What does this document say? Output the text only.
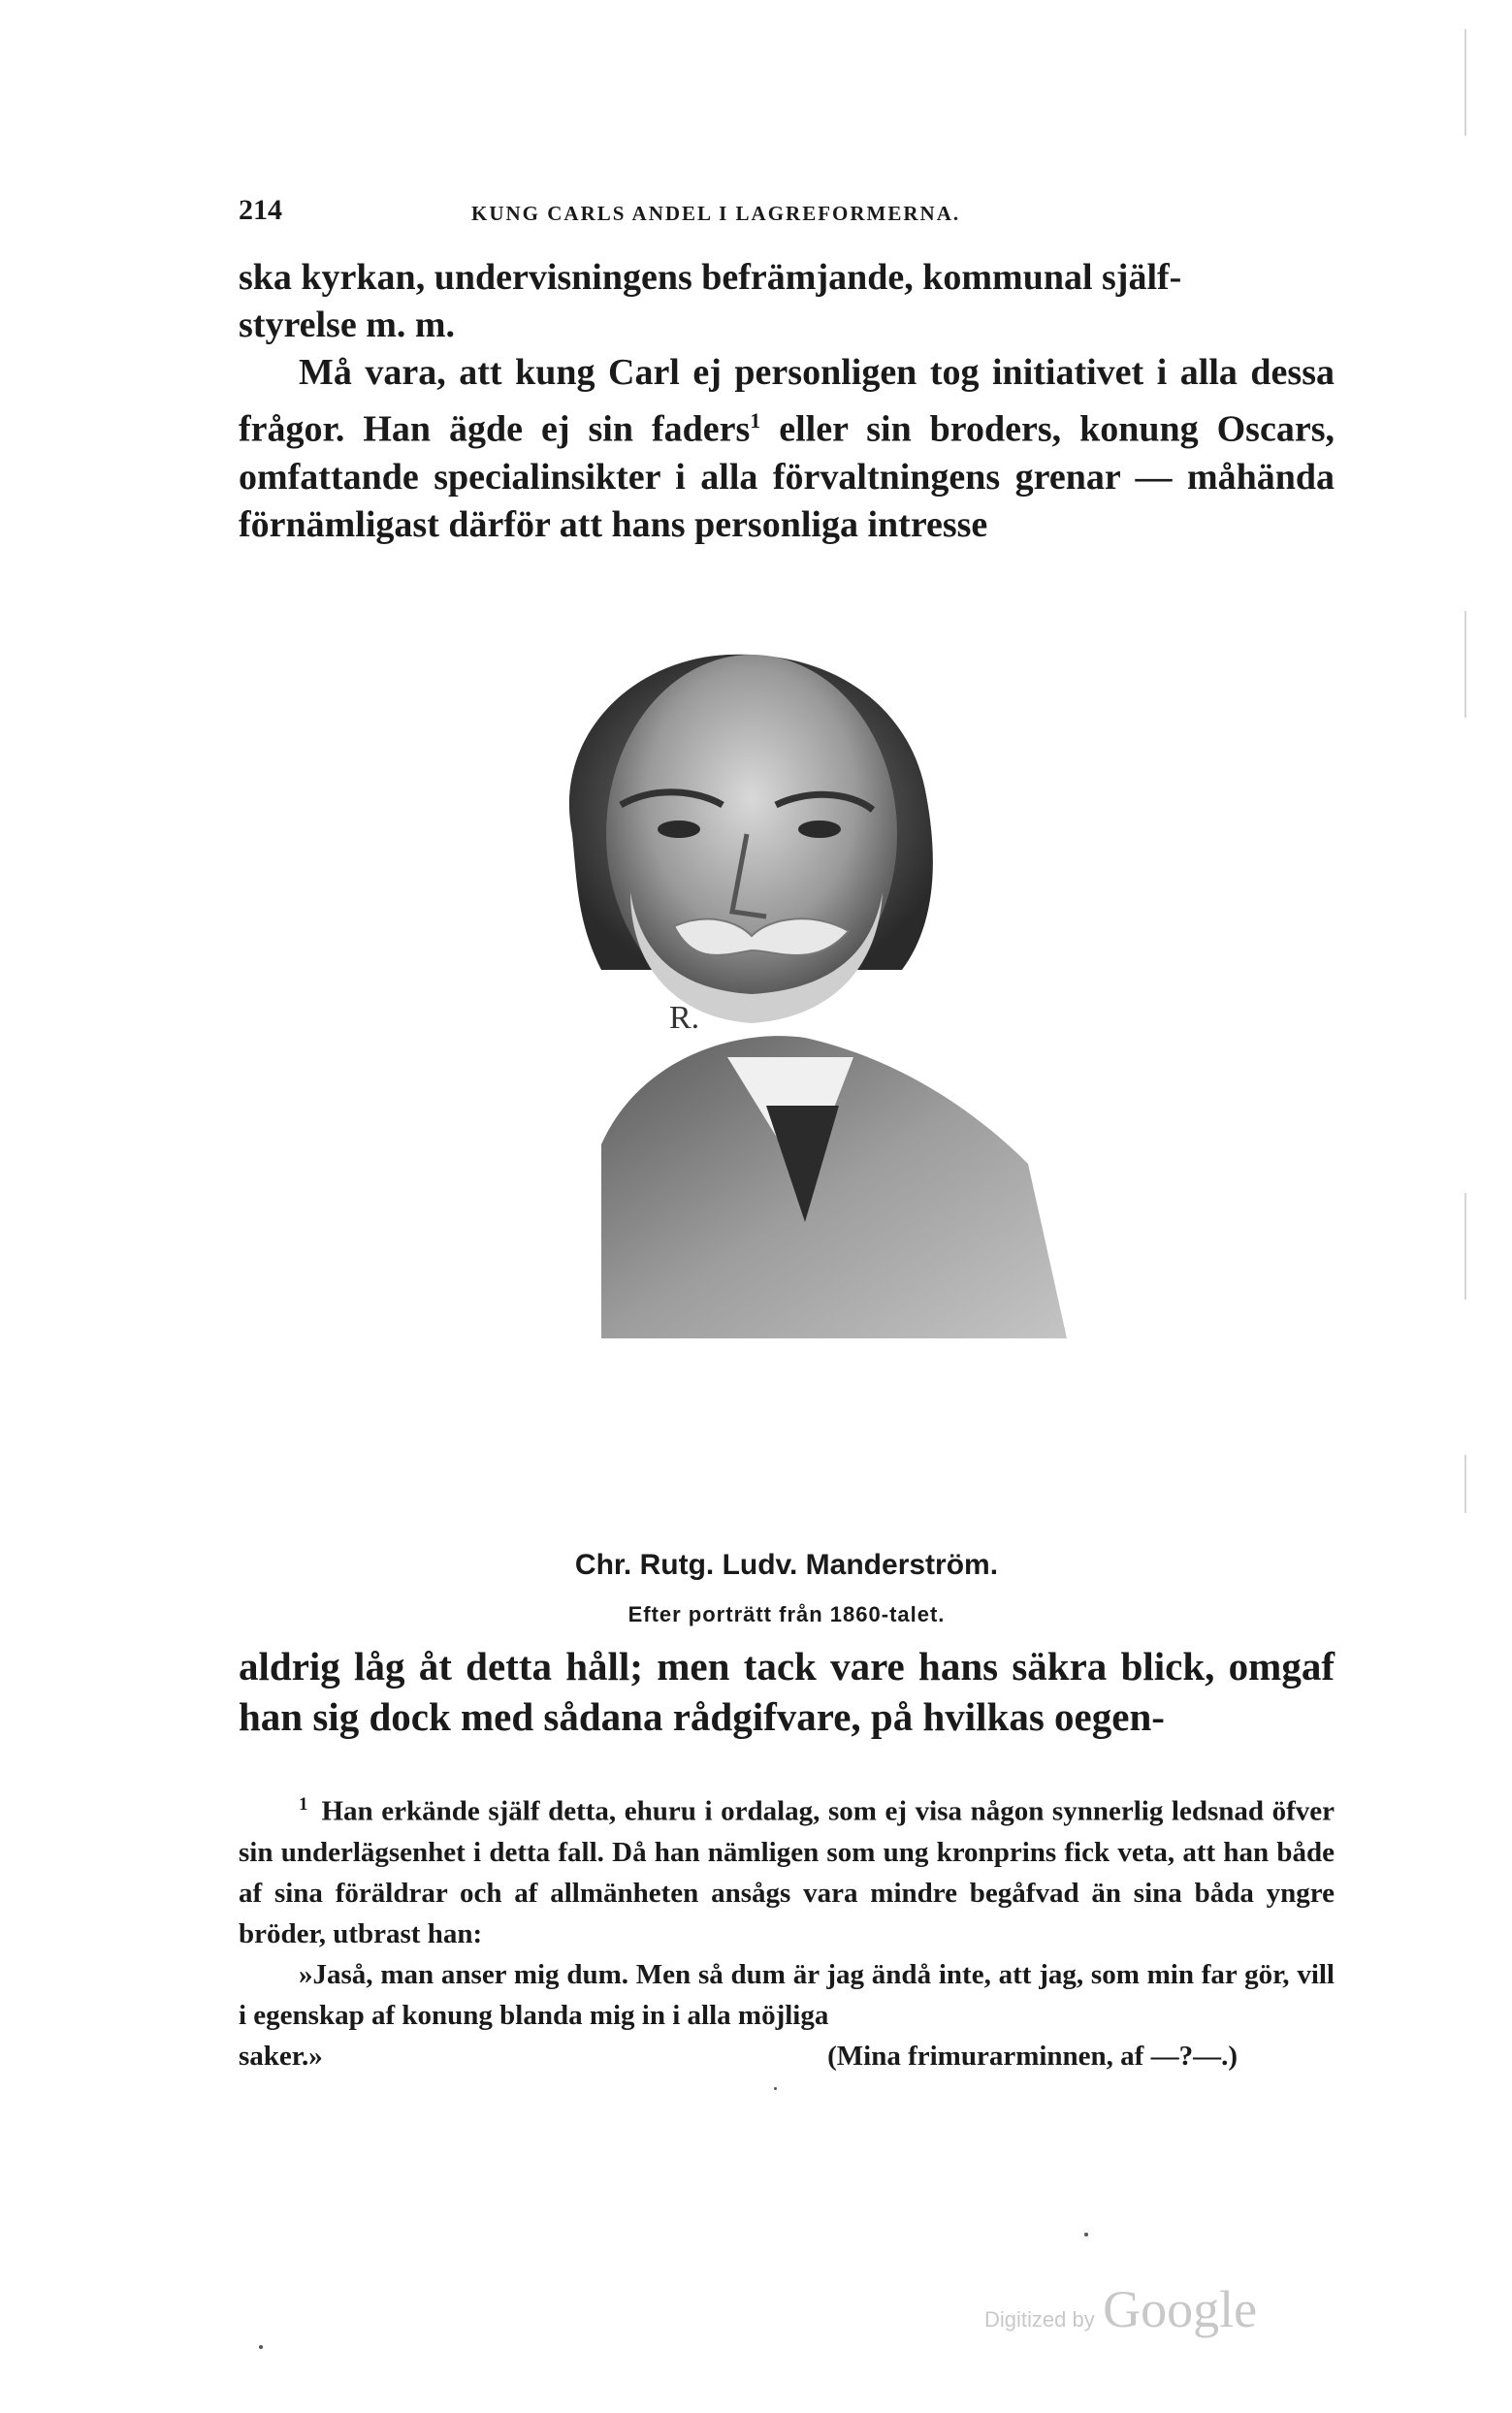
214	KUNG CARLS ANDEL I LAGREFORMERNA.

ska kyrkan, undervisningens befrämjande, kommunal själf-
styrelse m. m.

Må vara, att kung Carl ej personligen tog initiativet i alla dessa frågor. Han ägde ej sin faders$^1$ eller sin broders, konung Oscars, omfattande specialinsikter i alla förvaltningens grenar — måhända förnämligast därför att hans personliga intresse

R.
Chr. Rutg. Ludv. Manderström.
Efter porträtt från 1860-talet.

aldrig låg åt detta håll; men tack vare hans säkra blick, omgaf han sig dock med sådana rådgifvare, på hvilkas oegen-

$^1$ Han erkände själf detta, ehuru i ordalag, som ej visa någon synnerlig ledsnad öfver sin underlägsenhet i detta fall. Då han nämligen som ung kronprins fick veta, att han både af sina föräldrar och af allmänheten ansågs vara mindre begåfvad än sina båda yngre bröder, utbrast han:

»Jaså, man anser mig dum. Men så dum är jag ändå inte, att jag, som min far gör, vill i egenskap af konung blanda mig in i alla möjliga

saker.»	(Mina frimurarminnen, af —?—.)
Digitized by Google
